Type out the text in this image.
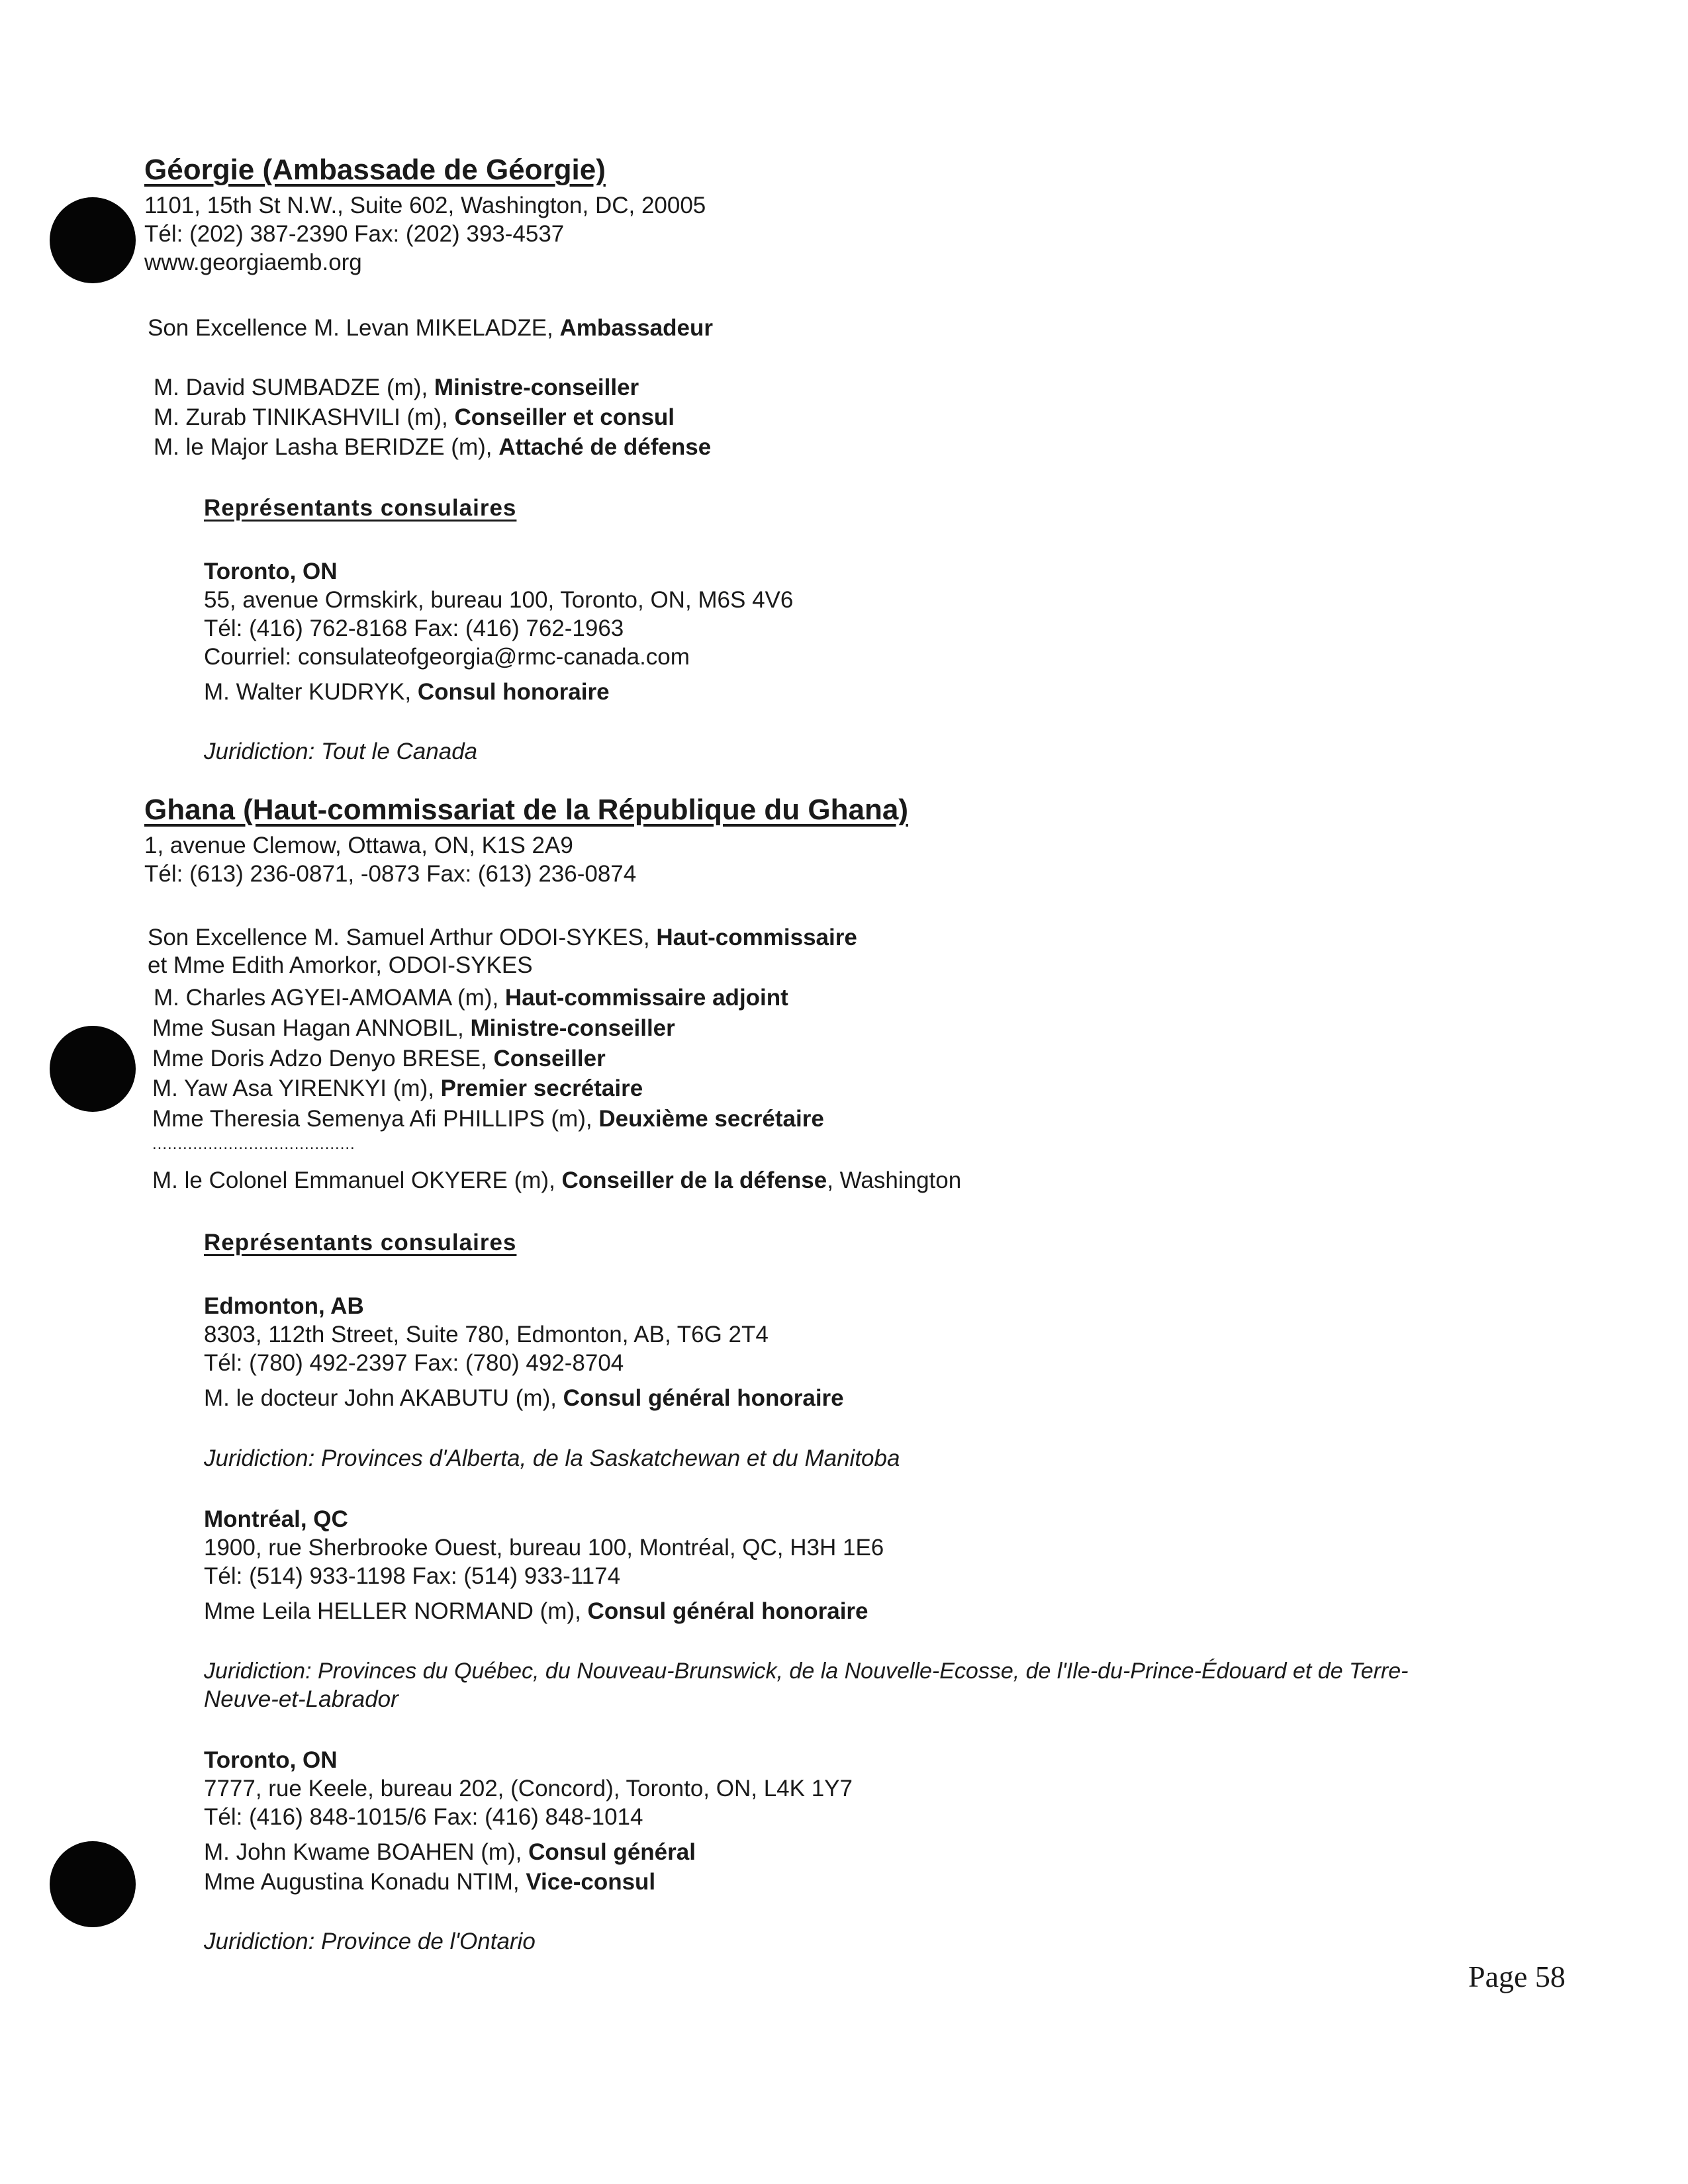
Géorgie (Ambassade de Géorgie)
1101, 15th St N.W., Suite 602, Washington, DC, 20005
Tél: (202) 387-2390 Fax: (202) 393-4537
www.georgiaemb.org
Son Excellence M. Levan MIKELADZE, Ambassadeur
M. David SUMBADZE (m), Ministre-conseiller
M. Zurab TINIKASHVILI (m), Conseiller et consul
M. le Major Lasha BERIDZE (m), Attaché de défense
Représentants consulaires
Toronto, ON
55, avenue Ormskirk, bureau 100, Toronto, ON, M6S 4V6
Tél: (416) 762-8168 Fax: (416) 762-1963
Courriel: consulateofgeorgia@rmc-canada.com
M. Walter KUDRYK, Consul honoraire
Juridiction: Tout le Canada
Ghana (Haut-commissariat de la République du Ghana)
1, avenue Clemow, Ottawa, ON, K1S 2A9
Tél: (613) 236-0871, -0873 Fax: (613) 236-0874
Son Excellence M. Samuel Arthur ODOI-SYKES, Haut-commissaire
et Mme Edith Amorkor, ODOI-SYKES
M. Charles AGYEI-AMOAMA (m), Haut-commissaire adjoint
Mme Susan Hagan ANNOBIL, Ministre-conseiller
Mme Doris Adzo Denyo BRESE, Conseiller
M. Yaw Asa YIRENKYI (m), Premier secrétaire
Mme Theresia Semenya Afi PHILLIPS (m), Deuxième secrétaire
........................................
M. le Colonel Emmanuel OKYERE (m), Conseiller de la défense, Washington
Représentants consulaires
Edmonton, AB
8303, 112th Street, Suite 780, Edmonton, AB, T6G 2T4
Tél: (780) 492-2397 Fax: (780) 492-8704
M. le docteur John AKABUTU (m), Consul général honoraire
Juridiction: Provinces d'Alberta, de la Saskatchewan et du Manitoba
Montréal, QC
1900, rue Sherbrooke Ouest, bureau 100, Montréal, QC, H3H 1E6
Tél: (514) 933-1198 Fax: (514) 933-1174
Mme Leila HELLER NORMAND (m), Consul général honoraire
Juridiction: Provinces du Québec, du Nouveau-Brunswick, de la Nouvelle-Ecosse, de l'Ile-du-Prince-Édouard et de Terre-
Neuve-et-Labrador
Toronto, ON
7777, rue Keele, bureau 202, (Concord), Toronto, ON, L4K 1Y7
Tél: (416) 848-1015/6 Fax: (416) 848-1014
M. John Kwame BOAHEN (m), Consul général
Mme Augustina Konadu NTIM, Vice-consul
Juridiction: Province de l'Ontario
Page 58
